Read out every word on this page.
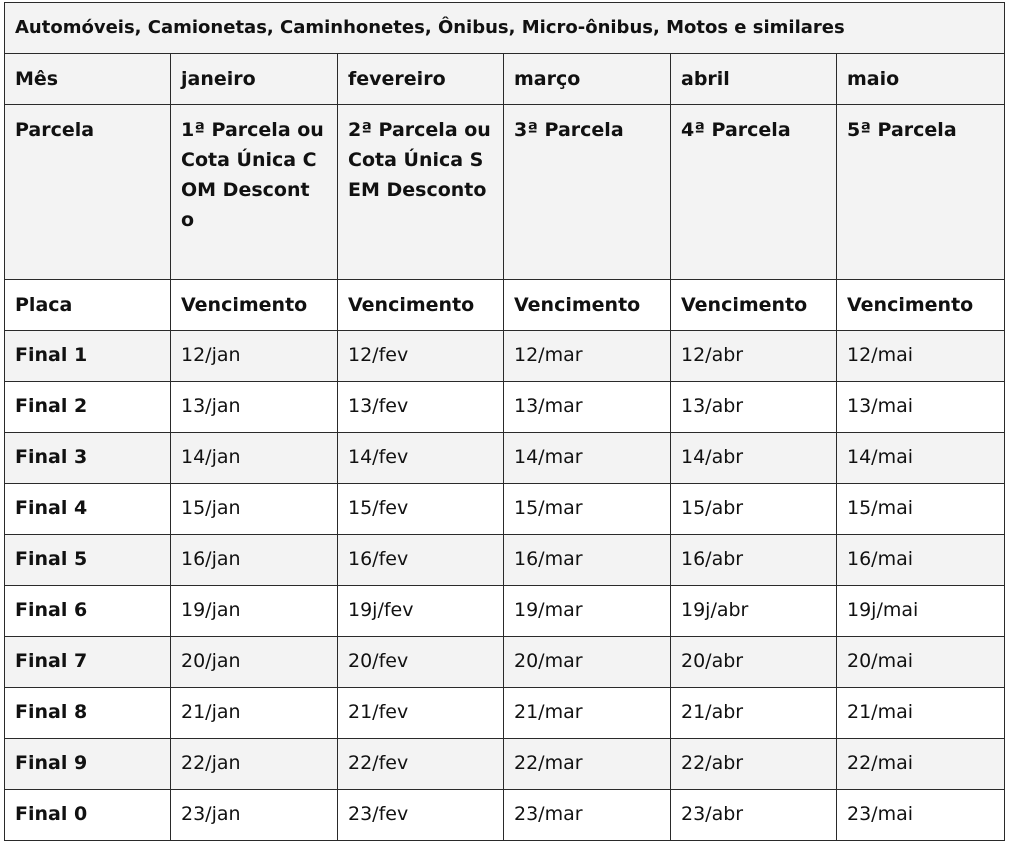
Automóveis, Camionetas, Caminhonetes, Ônibus, Micro-ônibus, Motos e similares					
Mês	janeiro	fevereiro	março	abril	maio
Parcela	1ª Parcela ou Cota Única COM Descont o	2ª Parcela ou Cota Única SEM Desconto	3ª Parcela	4ª Parcela	5ª Parcela
Placa	Vencimento	Vencimento	Vencimento	Vencimento	Vencimento
Final 1	12/jan	12/fev	12/mar	12/abr	12/mai
Final 2	13/jan	13/fev	13/mar	13/abr	13/mai
Final 3	14/jan	14/fev	14/mar	14/abr	14/mai
Final 4	15/jan	15/fev	15/mar	15/abr	15/mai
Final 5	16/jan	16/fev	16/mar	16/abr	16/mai
Final 6	19/jan	19j/fev	19/mar	19j/abr	19j/mai
Final 7	20/jan	20/fev	20/mar	20/abr	20/mai
Final 8	21/jan	21/fev	21/mar	21/abr	21/mai
Final 9	22/jan	22/fev	22/mar	22/abr	22/mai
Final 0	23/jan	23/fev	23/mar	23/abr	23/mai
